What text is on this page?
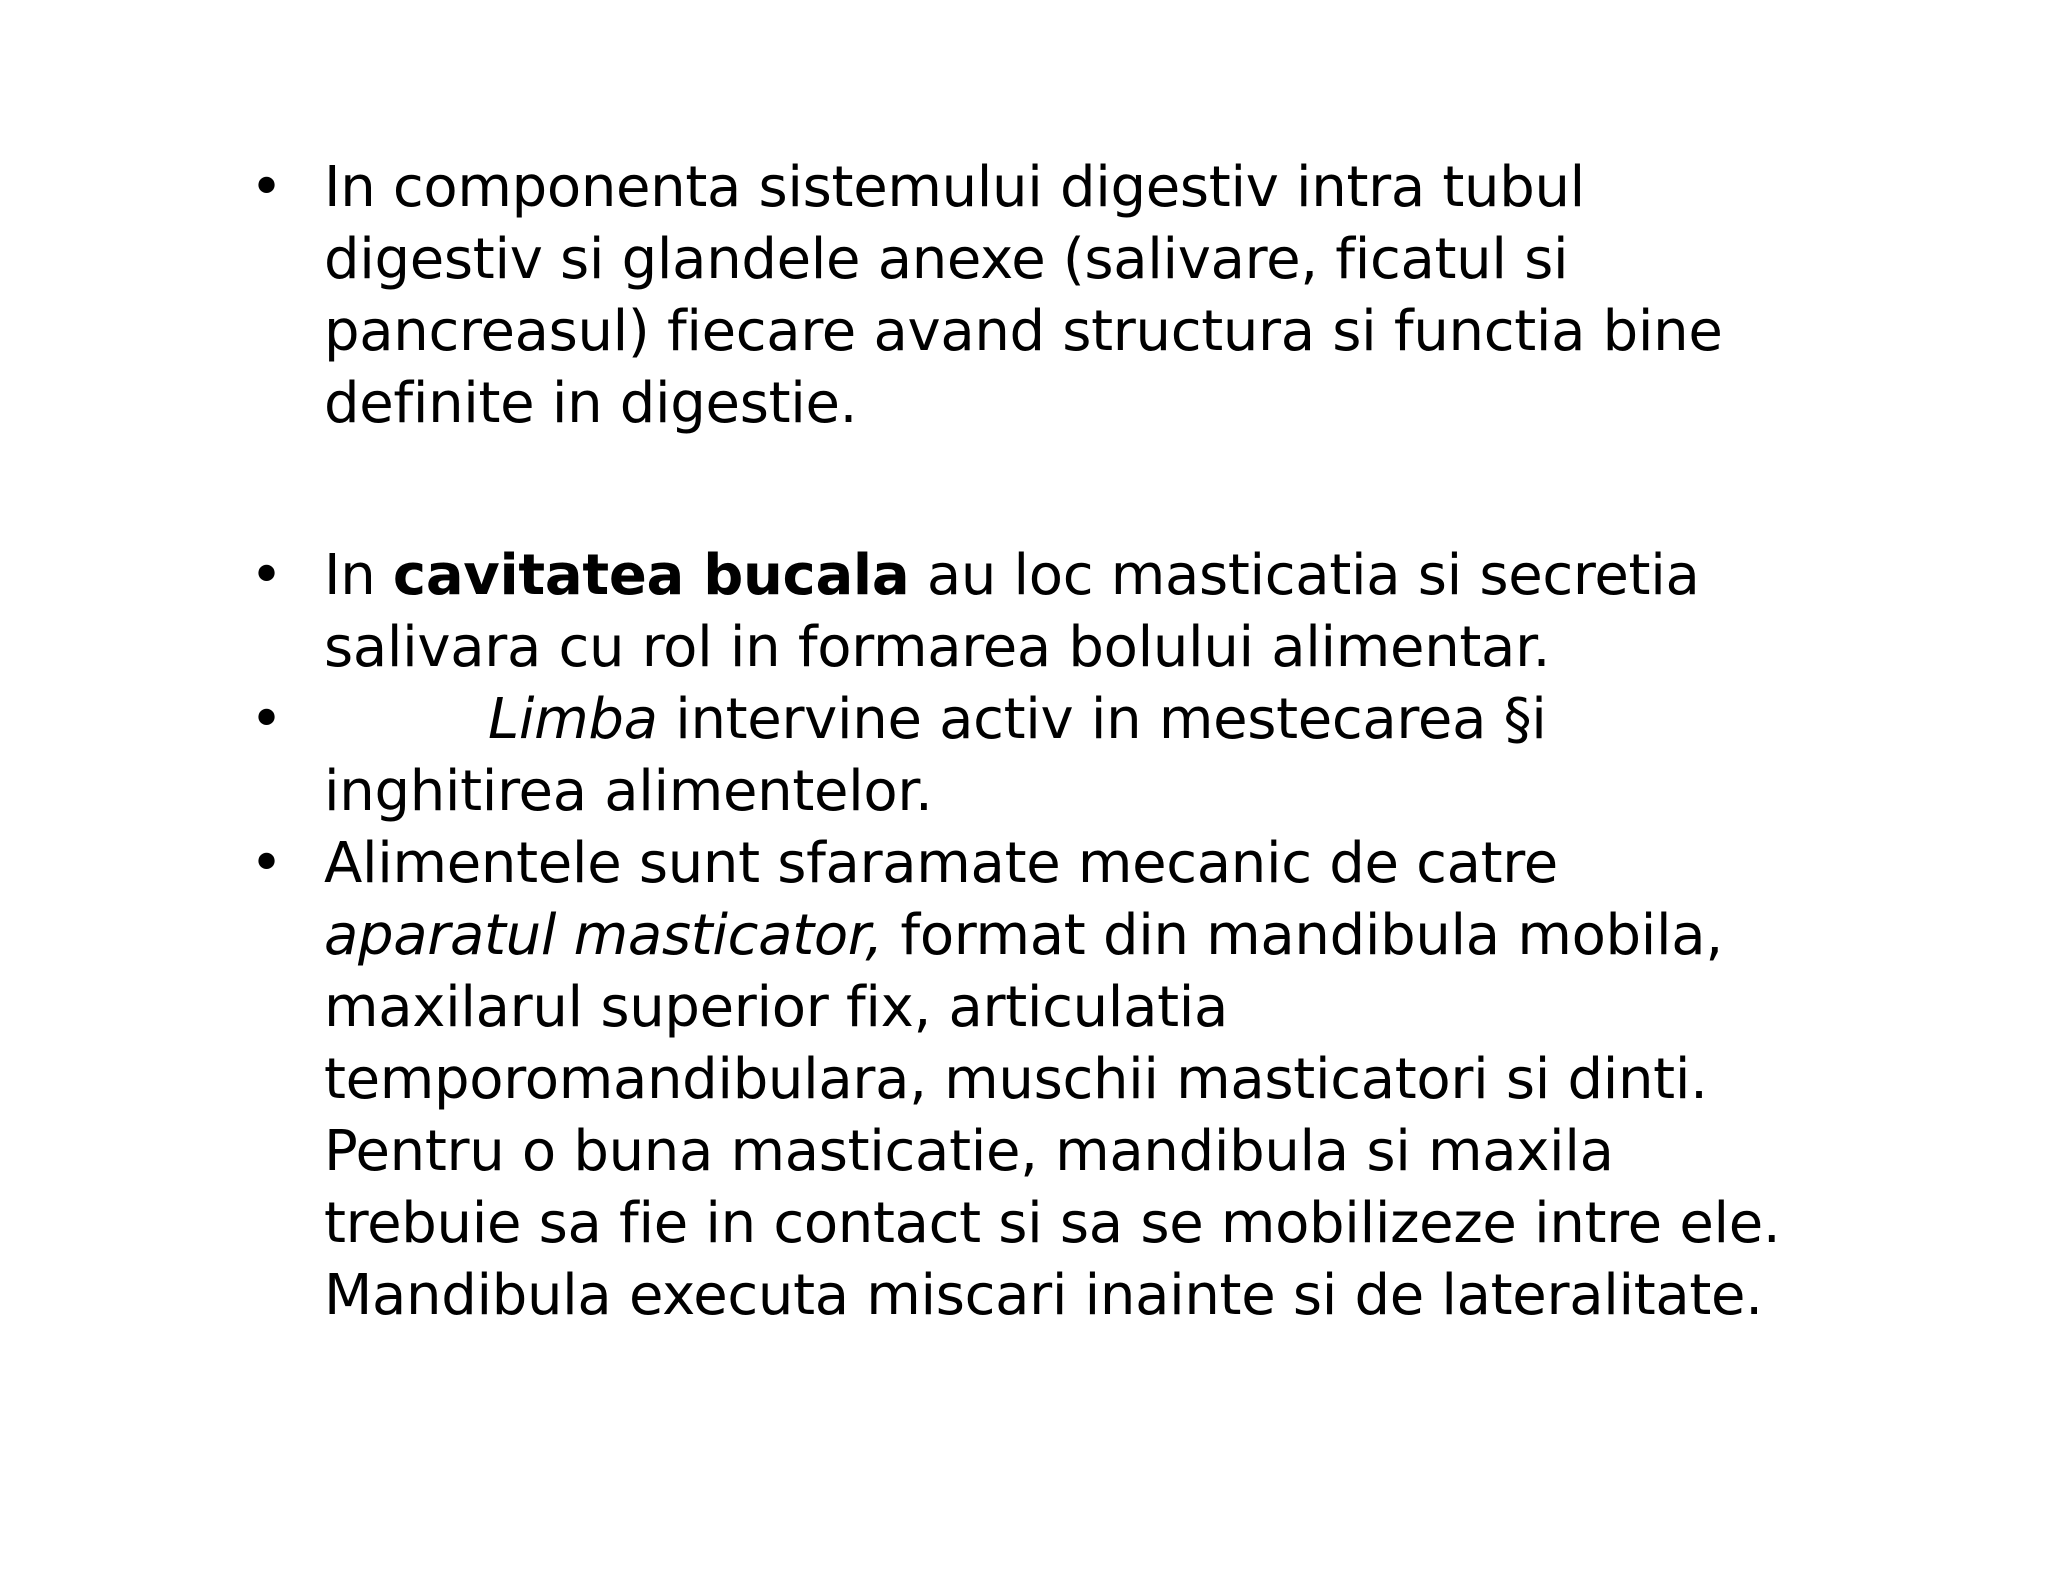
• In componenta sistemului digestiv intra tubul
digestiv si glandele anexe (salivare, ficatul si
pancreasul) fiecare avand structura si functia bine
definite in digestie.
• In cavitatea bucala au loc masticatia si secretia
salivara cu rol in formarea bolului alimentar.
•	Limba intervine activ in mestecarea §i
inghitirea alimentelor.
• Alimentele sunt sfaramate mecanic de catre
aparatul masticator, format din mandibula mobila,
maxilarul superior fix, articulatia
temporomandibulara, muschii masticatori si dinti.
Pentru o buna masticatie, mandibula si maxila
trebuie sa fie in contact si sa se mobilizeze intre ele.
Mandibula executa miscari inainte si de lateralitate.
